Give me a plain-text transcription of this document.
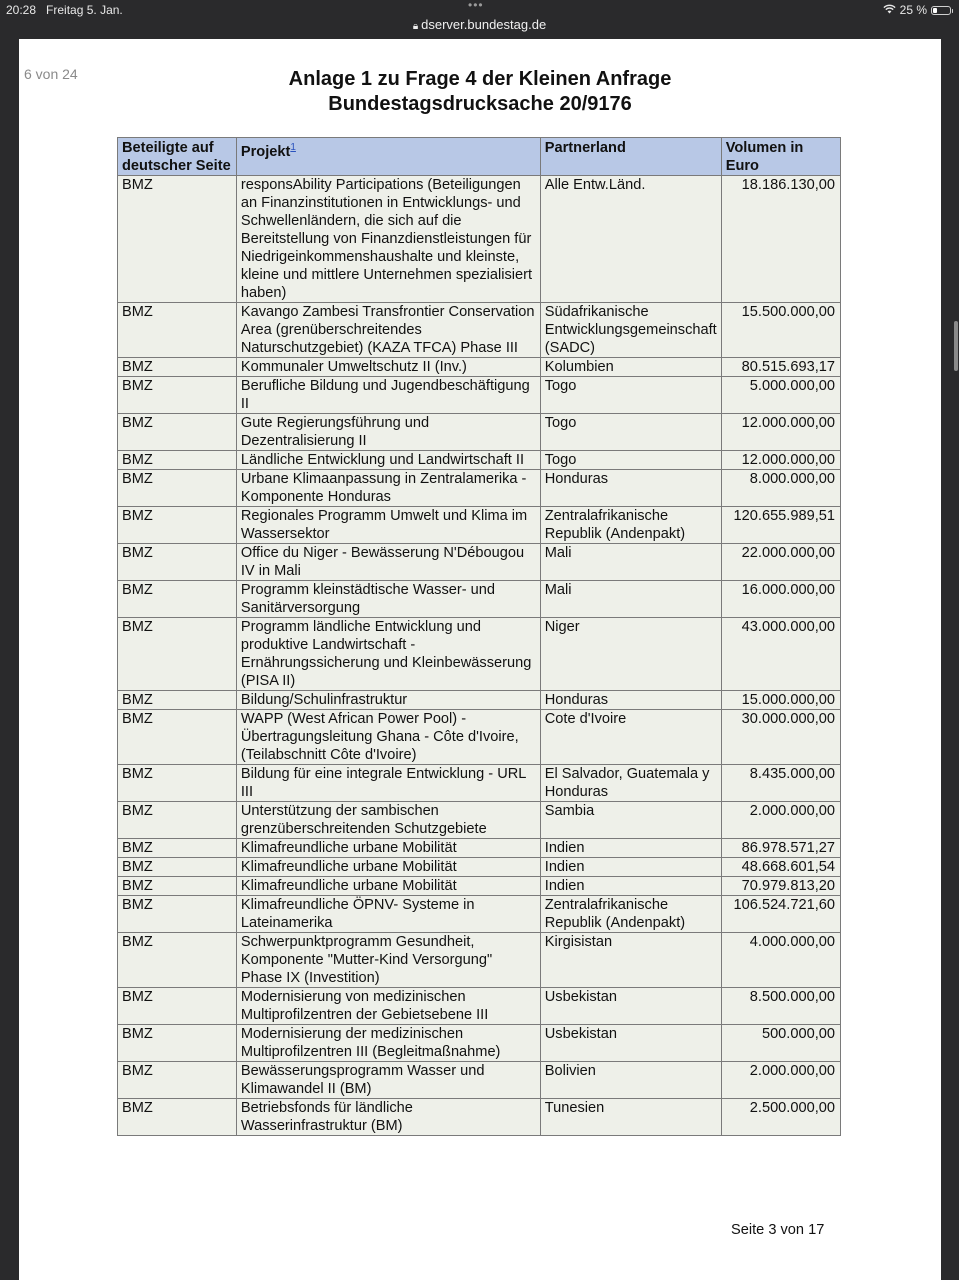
20:28 Freitag 5. Jan.	•••
🔒︎ dserver.bundestag.de
25 %
6 von 24	Anlage 1 zu Frage 4 der Kleinen Anfrage
Bundestagsdrucksache 20/9176
Beteiligte auf deutscher Seite	Projekt$^1$	Partnerland	Volumen in Euro
BMZ	responsAbility Participations (Beteiligungen an Finanzinstitutionen in Entwicklungs- und Schwellenländern, die sich auf die Bereitstellung von Finanzdienstleistungen für Niedrigeinkommenshaushalte und kleinste, kleine und mittlere Unternehmen spezialisiert haben)	Alle Entw.Länd.	18.186.130,00
BMZ	Kavango Zambesi Transfrontier Conservation Area (grenüberschreitendes Naturschutzgebiet) (KAZA TFCA) Phase III	Südafrikanische Entwicklungsgemeinschaft (SADC)	15.500.000,00
BMZ	Kommunaler Umweltschutz II (Inv.)	Kolumbien	80.515.693,17
BMZ	Berufliche Bildung und Jugendbeschäftigung II	Togo	5.000.000,00
BMZ	Gute Regierungsführung und Dezentralisierung II	Togo	12.000.000,00
BMZ	Ländliche Entwicklung und Landwirtschaft II	Togo	12.000.000,00
BMZ	Urbane Klimaanpassung in Zentralamerika - Komponente Honduras	Honduras	8.000.000,00
BMZ	Regionales Programm Umwelt und Klima im Wassersektor	Zentralafrikanische Republik (Andenpakt)	120.655.989,51
BMZ	Office du Niger - Bewässerung N'Débougou IV in Mali	Mali	22.000.000,00
BMZ	Programm kleinstädtische Wasser- und Sanitärversorgung	Mali	16.000.000,00
BMZ	Programm ländliche Entwicklung und produktive Landwirtschaft - Ernährungssicherung und Kleinbewässerung (PISA II)	Niger	43.000.000,00
BMZ	Bildung/Schulinfrastruktur	Honduras	15.000.000,00
BMZ	WAPP (West African Power Pool) - Übertragungsleitung Ghana - Côte d'Ivoire, (Teilabschnitt Côte d'Ivoire)	Cote d'Ivoire	30.000.000,00
BMZ	Bildung für eine integrale Entwicklung - URL III	El Salvador, Guatemala y Honduras	8.435.000,00
BMZ	Unterstützung der sambischen grenzüberschreitenden Schutzgebiete	Sambia	2.000.000,00
BMZ	Klimafreundliche urbane Mobilität	Indien	86.978.571,27
BMZ	Klimafreundliche urbane Mobilität	Indien	48.668.601,54
BMZ	Klimafreundliche urbane Mobilität	Indien	70.979.813,20
BMZ	Klimafreundliche ÖPNV- Systeme in Lateinamerika	Zentralafrikanische Republik (Andenpakt)	106.524.721,60
BMZ	Schwerpunktprogramm Gesundheit, Komponente "Mutter-Kind Versorgung" Phase IX (Investition)	Kirgisistan	4.000.000,00
BMZ	Modernisierung von medizinischen Multiprofilzentren der Gebietsebene III	Usbekistan	8.500.000,00
BMZ	Modernisierung der medizinischen Multiprofilzentren III (Begleitmaßnahme)	Usbekistan	500.000,00
BMZ	Bewässerungsprogramm Wasser und Klimawandel II (BM)	Bolivien	2.000.000,00
BMZ	Betriebsfonds für ländliche Wasserinfrastruktur (BM)	Tunesien	2.500.000,00
Seite 3 von 17
